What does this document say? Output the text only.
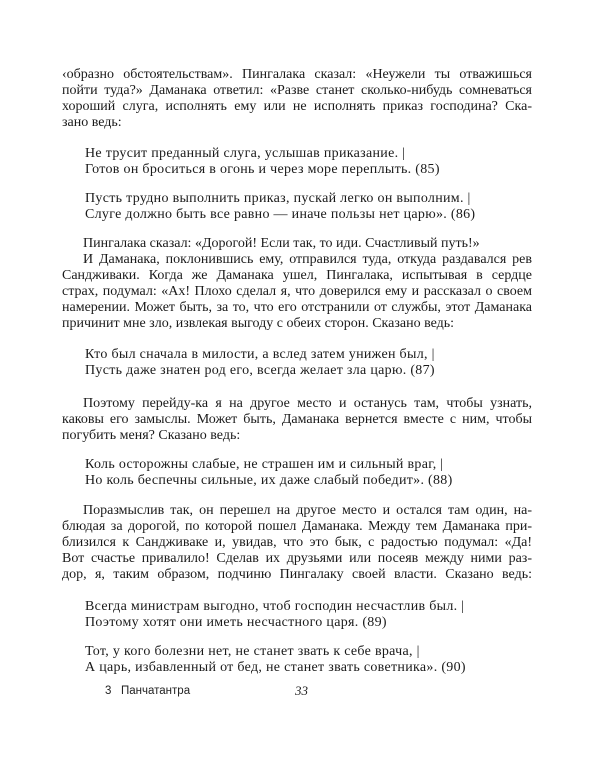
‹образно обстоятельствам». Пингалака сказал: «Неужели ты отважишься
пойти туда?» Даманака ответил: «Разве станет сколько-нибудь сомневаться
хороший слуга, исполнять ему или не исполнять приказ господина? Ска-
зано ведь:
Не трусит преданный слуга, услышав приказание. |
Готов он броситься в огонь и через море переплыть. (85)
Пусть трудно выполнить приказ, пускай легко он выполним. |
Слуге должно быть все равно — иначе пользы нет царю». (86)
Пингалака сказал: «Дорогой! Если так, то иди. Счастливый путь!»
И Даманака, поклонившись ему, отправился туда, откуда раздавался рев
Сандживаки. Когда же Даманака ушел, Пингалака, испытывая в сердце
страх, подумал: «Ах! Плохо сделал я, что доверился ему и рассказал о своем
намерении. Может быть, за то, что его отстранили от службы, этот Даманака
причинит мне зло, извлекая выгоду с обеих сторон. Сказано ведь:
Кто был сначала в милости, а вслед затем унижен был, |
Пусть даже знатен род его, всегда желает зла царю. (87)
Поэтому перейду-ка я на другое место и останусь там, чтобы узнать,
каковы его замыслы. Может быть, Даманака вернется вместе с ним, чтобы
погубить меня? Сказано ведь:
Коль осторожны слабые, не страшен им и сильный враг, |
Но коль беспечны сильные, их даже слабый победит». (88)
Поразмыслив так, он перешел на другое место и остался там один, на-
блюдая за дорогой, по которой пошел Даманака. Между тем Даманака при-
близился к Сандживаке и, увидав, что это бык, с радостью подумал: «Да!
Вот счастье привалило! Сделав их друзьями или посеяв между ними раз-
дор, я, таким образом, подчиню Пингалаку своей власти. Сказано ведь:
Всегда министрам выгодно, чтоб господин несчастлив был. |
Поэтому хотят они иметь несчастного царя. (89)
Тот, у кого болезни нет, не станет звать к себе врача, |
А царь, избавленный от бед, не станет звать советника». (90)
3 Панчатантра	33
